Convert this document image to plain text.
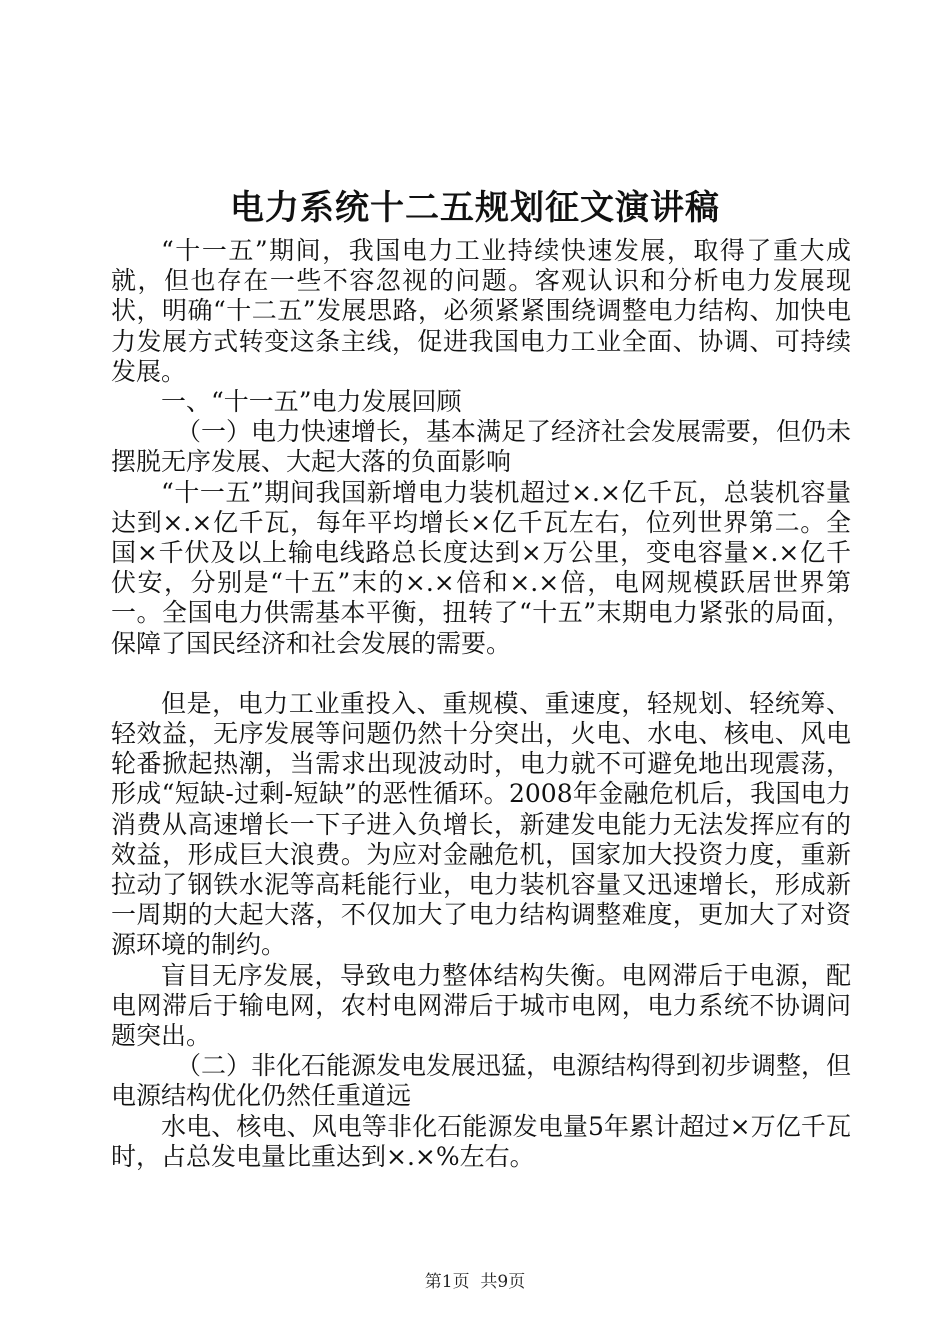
电力系统十二五规划征文演讲稿

“十一五”期间，我国电力工业持续快速发展，取得了重大成就，但也存在一些不容忽视的问题。客观认识和分析电力发展现状，明确“十二五”发展思路，必须紧紧围绕调整电力结构、加快电力发展方式转变这条主线，促进我国电力工业全面、协调、可持续发展。

一、“十一五”电力发展回顾

（一）电力快速增长，基本满足了经济社会发展需要，但仍未摆脱无序发展、大起大落的负面影响

“十一五”期间我国新增电力装机超过×.×亿千瓦，总装机容量达到×.×亿千瓦，每年平均增长×亿千瓦左右，位列世界第二。全国×千伏及以上输电线路总长度达到×万公里，变电容量×.×亿千伏安，分别是“十五”末的×.×倍和×.×倍，电网规模跃居世界第一。全国电力供需基本平衡，扭转了“十五”末期电力紧张的局面，保障了国民经济和社会发展的需要。

但是，电力工业重投入、重规模、重速度，轻规划、轻统筹、轻效益，无序发展等问题仍然十分突出，火电、水电、核电、风电轮番掀起热潮，当需求出现波动时，电力就不可避免地出现震荡，形成“短缺-过剩-短缺”的恶性循环。2008年金融危机后，我国电力消费从高速增长一下子进入负增长，新建发电能力无法发挥应有的效益，形成巨大浪费。为应对金融危机，国家加大投资力度，重新拉动了钢铁水泥等高耗能行业，电力装机容量又迅速增长，形成新一周期的大起大落，不仅加大了电力结构调整难度，更加大了对资源环境的制约。

盲目无序发展，导致电力整体结构失衡。电网滞后于电源，配电网滞后于输电网，农村电网滞后于城市电网，电力系统不协调问题突出。

（二）非化石能源发电发展迅猛，电源结构得到初步调整，但电源结构优化仍然任重道远

水电、核电、风电等非化石能源发电量5年累计超过×万亿千瓦时，占总发电量比重达到×.×%左右。

第1页 共9页
